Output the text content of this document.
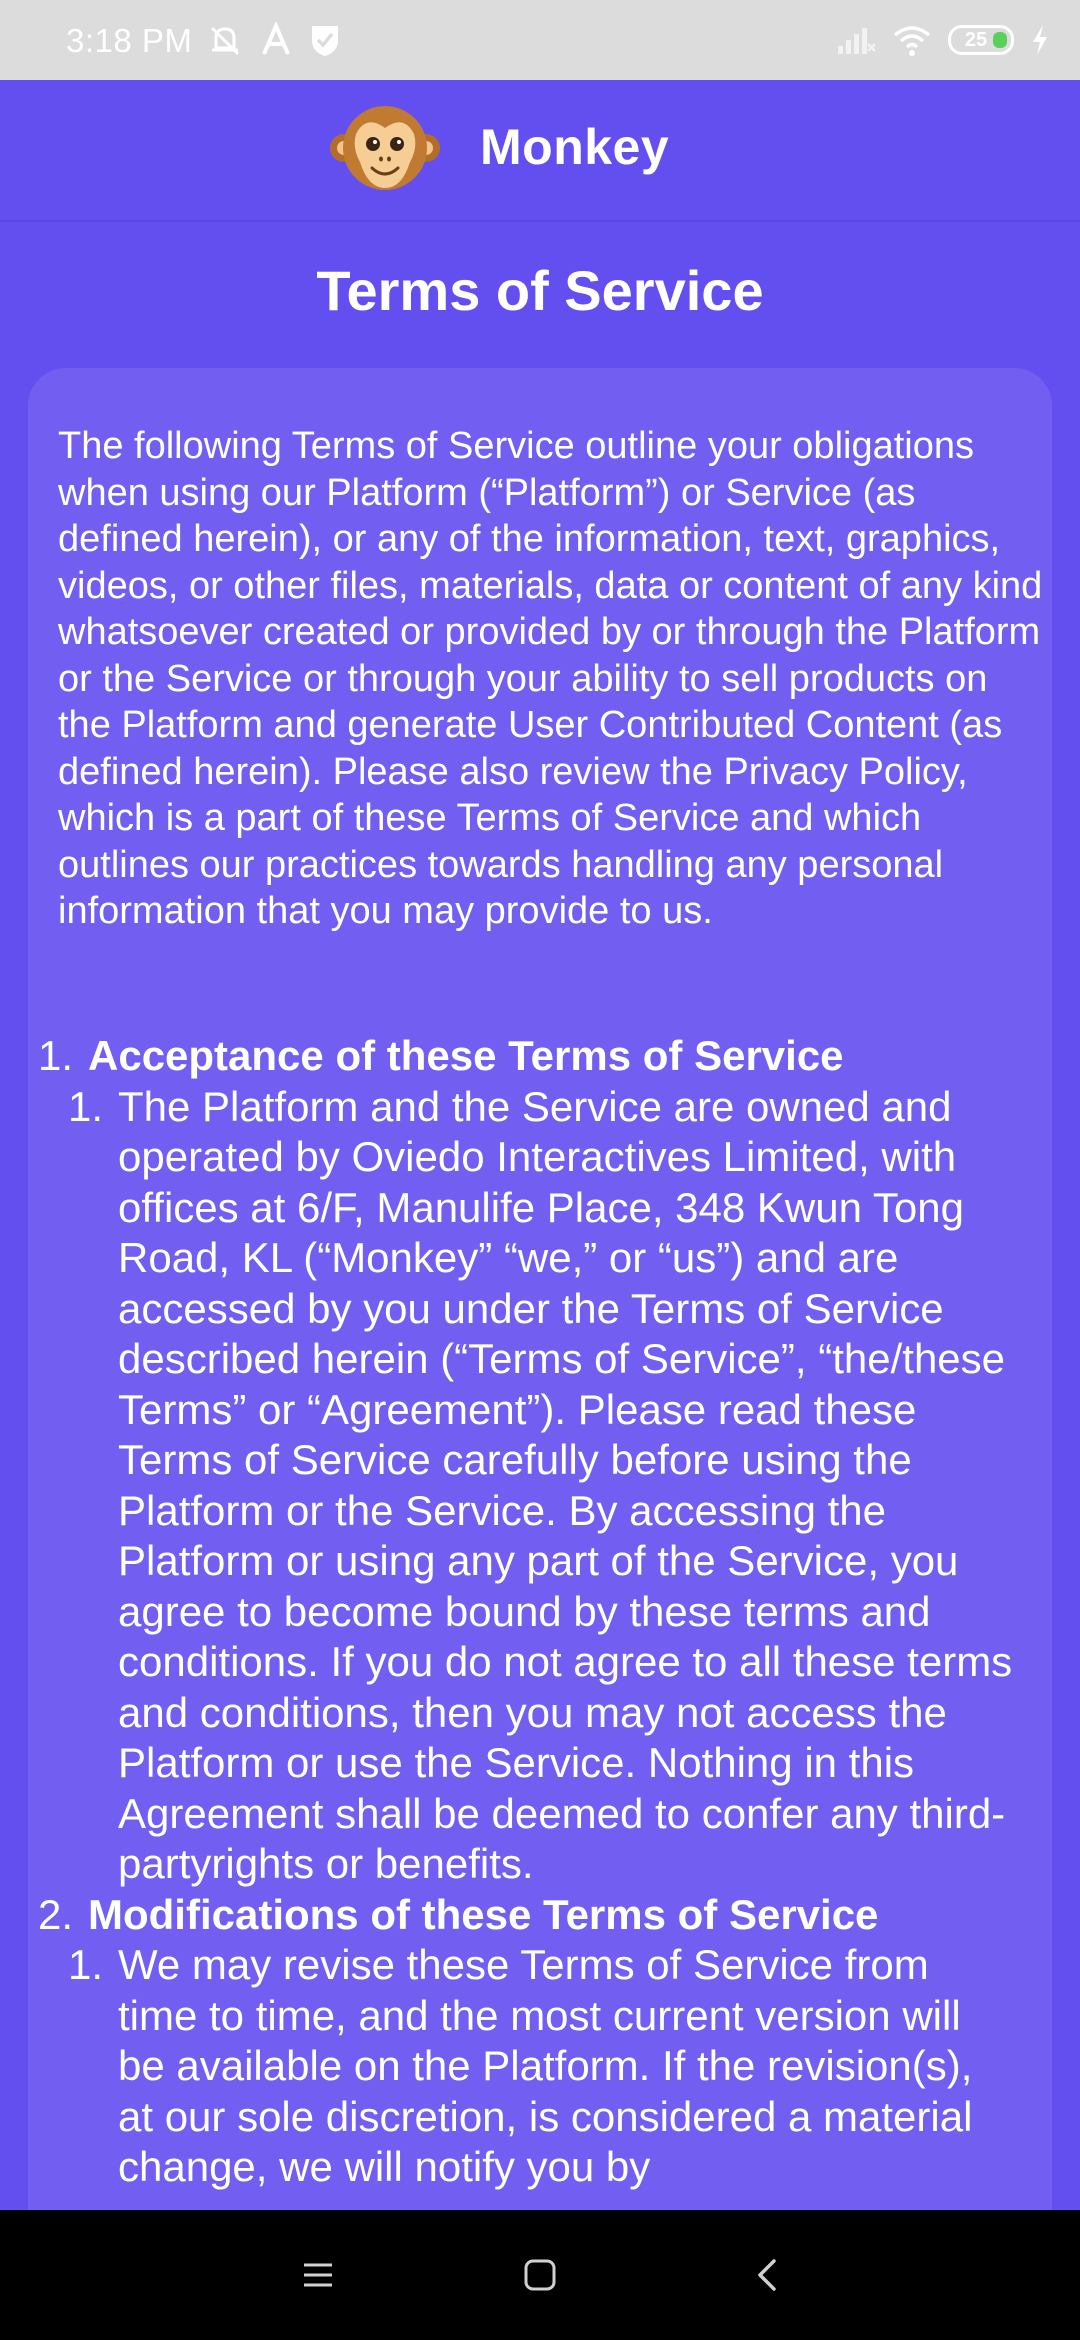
3:18 PM	25
Monkey
Terms of Service

The following Terms of Service outline your obligations when using our Platform (“Platform”) or Service (as defined herein), or any of the information, text, graphics, videos, or other files, materials, data or content of any kind whatsoever created or provided by or through the Platform or the Service or through your ability to sell products on the Platform and generate User Contributed Content (as defined herein). Please also review the Privacy Policy, which is a part of these Terms of Service and which outlines our practices towards handling any personal information that you may provide to us.

1. Acceptance of these Terms of Service
1. The Platform and the Service are owned and operated by Oviedo Interactives Limited, with offices at 6/F, Manulife Place, 348 Kwun Tong Road, KL (“Monkey” “we,” or “us”) and are accessed by you under the Terms of Service described herein (“Terms of Service”, “the/these Terms” or “Agreement”). Please read these Terms of Service carefully before using the Platform or the Service. By accessing the Platform or using any part of the Service, you agree to become bound by these terms and conditions. If you do not agree to all these terms and conditions, then you may not access the Platform or use the Service. Nothing in this Agreement shall be deemed to confer any third-partyrights or benefits.
2. Modifications of these Terms of Service
1. We may revise these Terms of Service from time to time, and the most current version will be available on the Platform. If the revision(s), at our sole discretion, is considered a material change, we will notify you by
